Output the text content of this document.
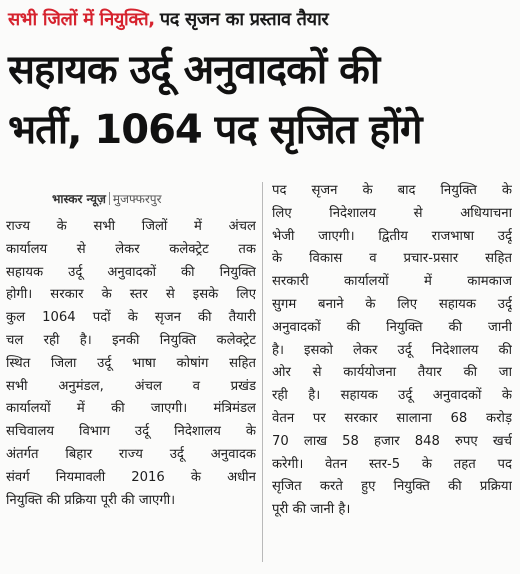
सभी जिलों में नियुक्ति, पद सृजन का प्रस्ताव तैयार
सहायक उर्दू अनुवादकों की
भर्ती, 1064 पद सृजित होंगे
भास्कर न्यूज़ मुजफ्फरपुर
राज्य के सभी जिलों में अंचल
कार्यालय से लेकर कलेक्ट्रेट तक
सहायक उर्दू अनुवादकों की नियुक्ति
होगी। सरकार के स्तर से इसके लिए
कुल 1064 पदों के सृजन की तैयारी
चल रही है। इनकी नियुक्ति कलेक्ट्रेट
स्थित जिला उर्दू भाषा कोषांग सहित
सभी अनुमंडल, अंचल व प्रखंड
कार्यालयों में की जाएगी। मंत्रिमंडल
सचिवालय विभाग उर्दू निदेशालय के
अंतर्गत बिहार राज्य उर्दू अनुवादक
संवर्ग नियमावली 2016 के अधीन
नियुक्ति की प्रक्रिया पूरी की जाएगी।
पद सृजन के बाद नियुक्ति के
लिए निदेशालय से अधियाचना
भेजी जाएगी। द्वितीय राजभाषा उर्दू
के विकास व प्रचार-प्रसार सहित
सरकारी कार्यालयों में कामकाज
सुगम बनाने के लिए सहायक उर्दू
अनुवादकों की नियुक्ति की जानी
है। इसको लेकर उर्दू निदेशालय की
ओर से कार्ययोजना तैयार की जा
रही है। सहायक उर्दू अनुवादकों के
वेतन पर सरकार सालाना 68 करोड़
70 लाख 58 हजार 848 रुपए खर्च
करेगी। वेतन स्तर-5 के तहत पद
सृजित करते हुए नियुक्ति की प्रक्रिया
पूरी की जानी है।
